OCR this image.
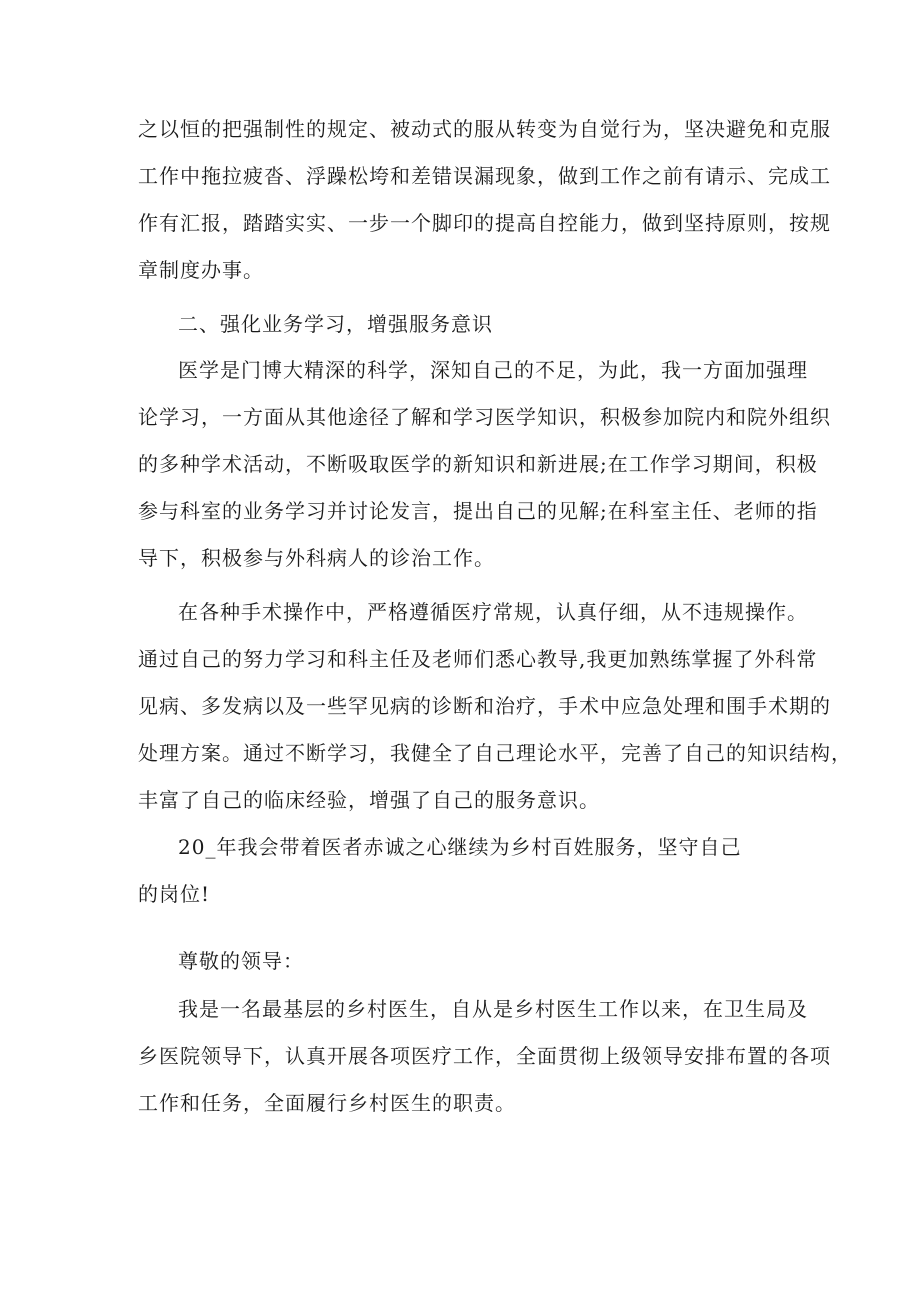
之以恒的把强制性的规定、被动式的服从转变为自觉行为，坚决避免和克服
工作中拖拉疲沓、浮躁松垮和差错误漏现象，做到工作之前有请示、完成工
作有汇报，踏踏实实、一步一个脚印的提高自控能力，做到坚持原则，按规
章制度办事。

二、强化业务学习，增强服务意识

医学是门博大精深的科学，深知自己的不足，为此，我一方面加强理
论学习，一方面从其他途径了解和学习医学知识，积极参加院内和院外组织
的多种学术活动，不断吸取医学的新知识和新进展;在工作学习期间，积极
参与科室的业务学习并讨论发言，提出自己的见解;在科室主任、老师的指
导下，积极参与外科病人的诊治工作。
在各种手术操作中，严格遵循医疗常规，认真仔细，从不违规操作。
通过自己的努力学习和科主任及老师们悉心教导,我更加熟练掌握了外科常
见病、多发病以及一些罕见病的诊断和治疗，手术中应急处理和围手术期的
处理方案。通过不断学习，我健全了自己理论水平，完善了自己的知识结构，
丰富了自己的临床经验，增强了自己的服务意识。
20_年我会带着医者赤诚之心继续为乡村百姓服务，坚守自己
的岗位!

尊敬的领导：

我是一名最基层的乡村医生，自从是乡村医生工作以来，在卫生局及
乡医院领导下，认真开展各项医疗工作，全面贯彻上级领导安排布置的各项
工作和任务，全面履行乡村医生的职责。
